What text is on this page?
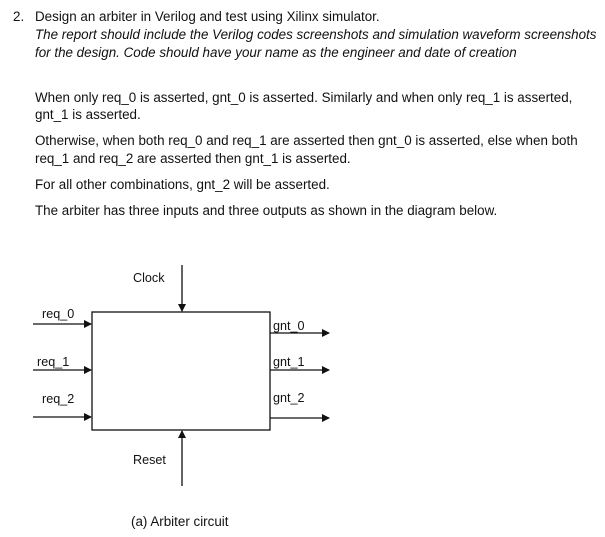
2. Design an arbiter in Verilog and test using Xilinx simulator.
The report should include the Verilog codes screenshots and simulation waveform screenshots
for the design. Code should have your name as the engineer and date of creation
When only req_0 is asserted, gnt_0 is asserted. Similarly and when only req_1 is asserted,
gnt_1 is asserted.
Otherwise, when both req_0 and req_1 are asserted then gnt_0 is asserted, else when both
req_1 and req_2 are asserted then gnt_1 is asserted.
For all other combinations, gnt_2 will be asserted.
The arbiter has three inputs and three outputs as shown in the diagram below.
Clock
Reset
req_0
req_1
req_2
gnt_0
gnt_1
gnt_2
(a) Arbiter circuit
